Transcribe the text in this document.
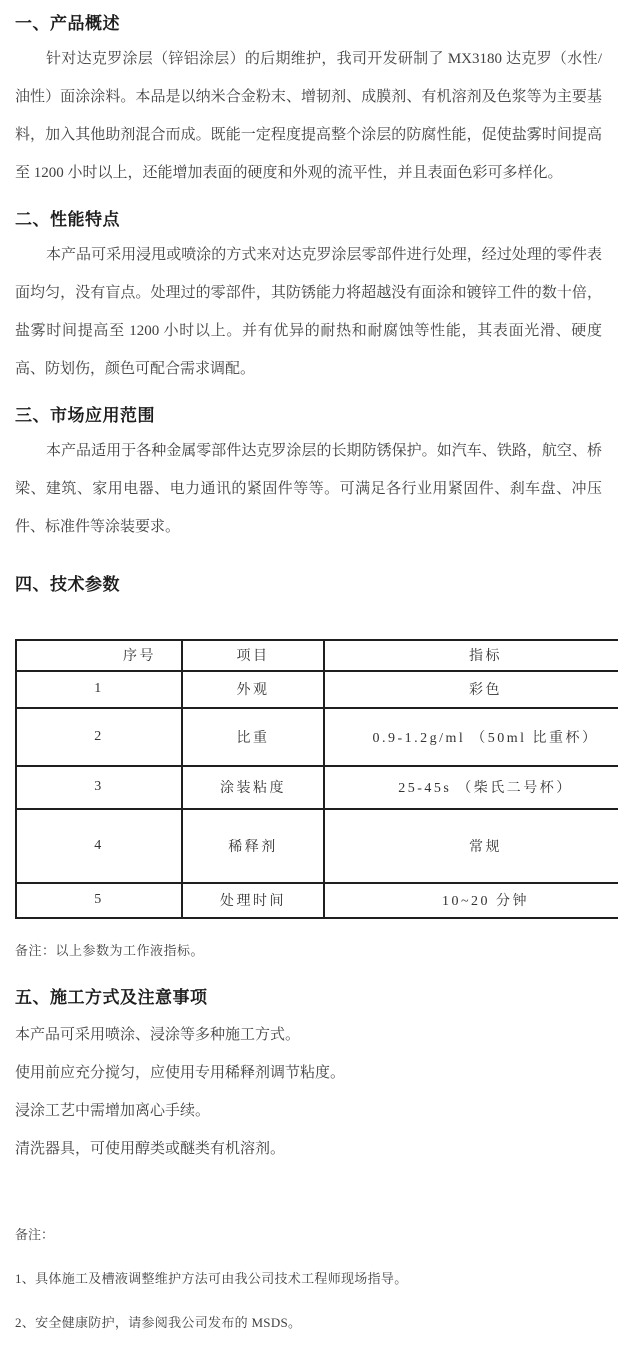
一、产品概述

针对达克罗涂层（锌铝涂层）的后期维护，我司开发研制了 MX3180 达克罗（水性/油性）面涂涂料。本品是以纳米合金粉末、增韧剂、成膜剂、有机溶剂及色浆等为主要基料，加入其他助剂混合而成。既能一定程度提高整个涂层的防腐性能，促使盐雾时间提高至 1200 小时以上，还能增加表面的硬度和外观的流平性，并且表面色彩可多样化。

二、性能特点

本产品可采用浸甩或喷涂的方式来对达克罗涂层零部件进行处理，经过处理的零件表面均匀，没有盲点。处理过的零部件，其防锈能力将超越没有面涂和镀锌工件的数十倍，盐雾时间提高至 1200 小时以上。并有优异的耐热和耐腐蚀等性能，其表面光滑、硬度高、防划伤，颜色可配合需求调配。

三、市场应用范围

本产品适用于各种金属零部件达克罗涂层的长期防锈保护。如汽车、铁路，航空、桥梁、建筑、家用电器、电力通讯的紧固件等等。可满足各行业用紧固件、刹车盘、冲压件、标准件等涂装要求。

四、技术参数
序号	项目	指标
1	外观	彩色
2	比重	0.9-1.2g/ml （50ml 比重杯）
3	涂装粘度	25-45s （柴氏二号杯）
4	稀释剂	常规
5	处理时间	10~20 分钟

备注：以上参数为工作液指标。

五、施工方式及注意事项

本产品可采用喷涂、浸涂等多种施工方式。

使用前应充分搅匀，应使用专用稀释剂调节粘度。

浸涂工艺中需增加离心手续。

清洗器具，可使用醇类或醚类有机溶剂。

备注：

1、具体施工及槽液调整维护方法可由我公司技术工程师现场指导。

2、安全健康防护，请参阅我公司发布的 MSDS。
